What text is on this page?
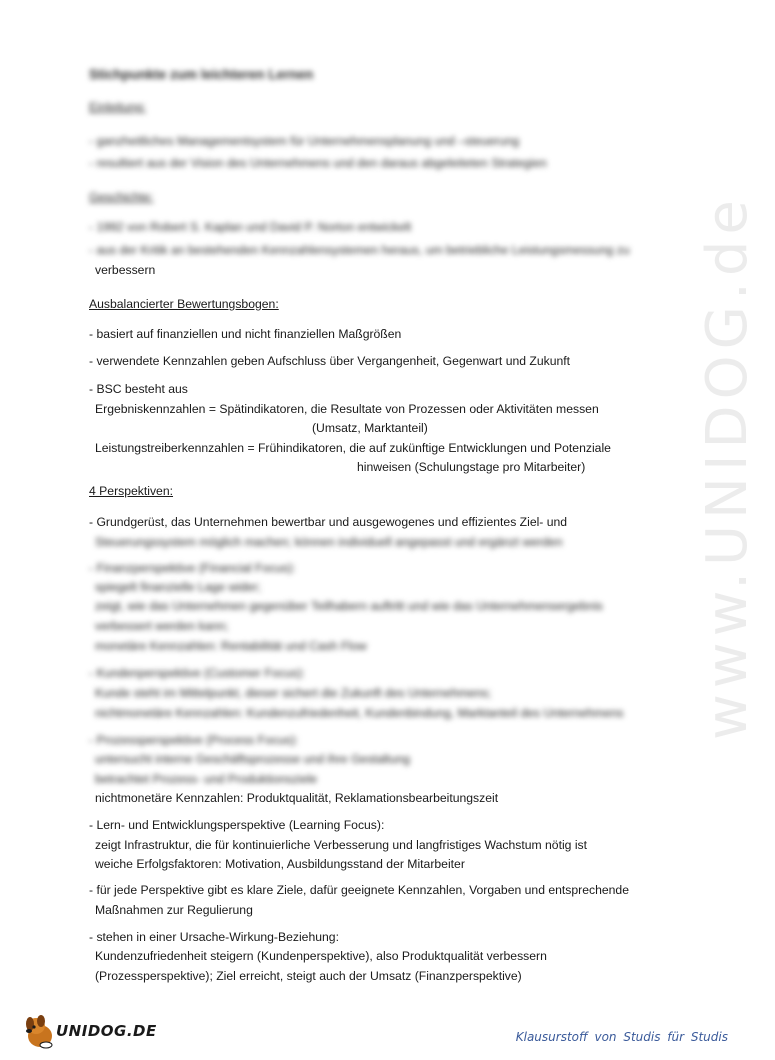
www.UNIDOG.de
Stichpunkte zum leichteren Lernen
Einleitung:
- ganzheitliches Managementsystem für Unternehmensplanung und –steuerung
- resultiert aus der Vision des Unternehmens und den daraus abgeleiteten Strategien
Geschichte:
- 1992 von Robert S. Kaplan und David P. Norton entwickelt
- aus der Kritik an bestehenden Kennzahlensystemen heraus, um betriebliche Leistungsmessung zu
verbessern
Ausbalancierter Bewertungsbogen:
- basiert auf finanziellen und nicht finanziellen Maßgrößen
- verwendete Kennzahlen geben Aufschluss über Vergangenheit, Gegenwart und Zukunft
- BSC besteht aus
Ergebniskennzahlen = Spätindikatoren, die Resultate von Prozessen oder Aktivitäten messen
(Umsatz, Marktanteil)
Leistungstreiberkennzahlen = Frühindikatoren, die auf zukünftige Entwicklungen und Potenziale
hinweisen (Schulungstage pro Mitarbeiter)
4 Perspektiven:
- Grundgerüst, das Unternehmen bewertbar und ausgewogenes und effizientes Ziel- und
Steuerungssystem möglich machen; können individuell angepasst und ergänzt werden
- Finanzperspektive (Financial Focus):
spiegelt finanzielle Lage wider;
zeigt, wie das Unternehmen gegenüber Teilhabern auftritt und wie das Unternehmensergebnis
verbessert werden kann;
monetäre Kennzahlen: Rentabilität und Cash Flow
- Kundenperspektive (Customer Focus):
Kunde steht im Mittelpunkt, dieser sichert die Zukunft des Unternehmens;
nichtmonetäre Kennzahlen: Kundenzufriedenheit, Kundenbindung, Marktanteil des Unternehmens
- Prozessperspektive (Process Focus):
untersucht interne Geschäftsprozesse und ihre Gestaltung
betrachtet Prozess- und Produktionsziele
nichtmonetäre Kennzahlen: Produktqualität, Reklamationsbearbeitungszeit
- Lern- und Entwicklungsperspektive (Learning Focus):
zeigt Infrastruktur, die für kontinuierliche Verbesserung und langfristiges Wachstum nötig ist
weiche Erfolgsfaktoren: Motivation, Ausbildungsstand der Mitarbeiter
- für jede Perspektive gibt es klare Ziele, dafür geeignete Kennzahlen, Vorgaben und entsprechende
Maßnahmen zur Regulierung
- stehen in einer Ursache-Wirkung-Beziehung:
Kundenzufriedenheit steigern (Kundenperspektive), also Produktqualität verbessern
(Prozessperspektive); Ziel erreicht, steigt auch der Umsatz (Finanzperspektive)
UNIDOG.DE	Klausurstoff von Studis für Studis
